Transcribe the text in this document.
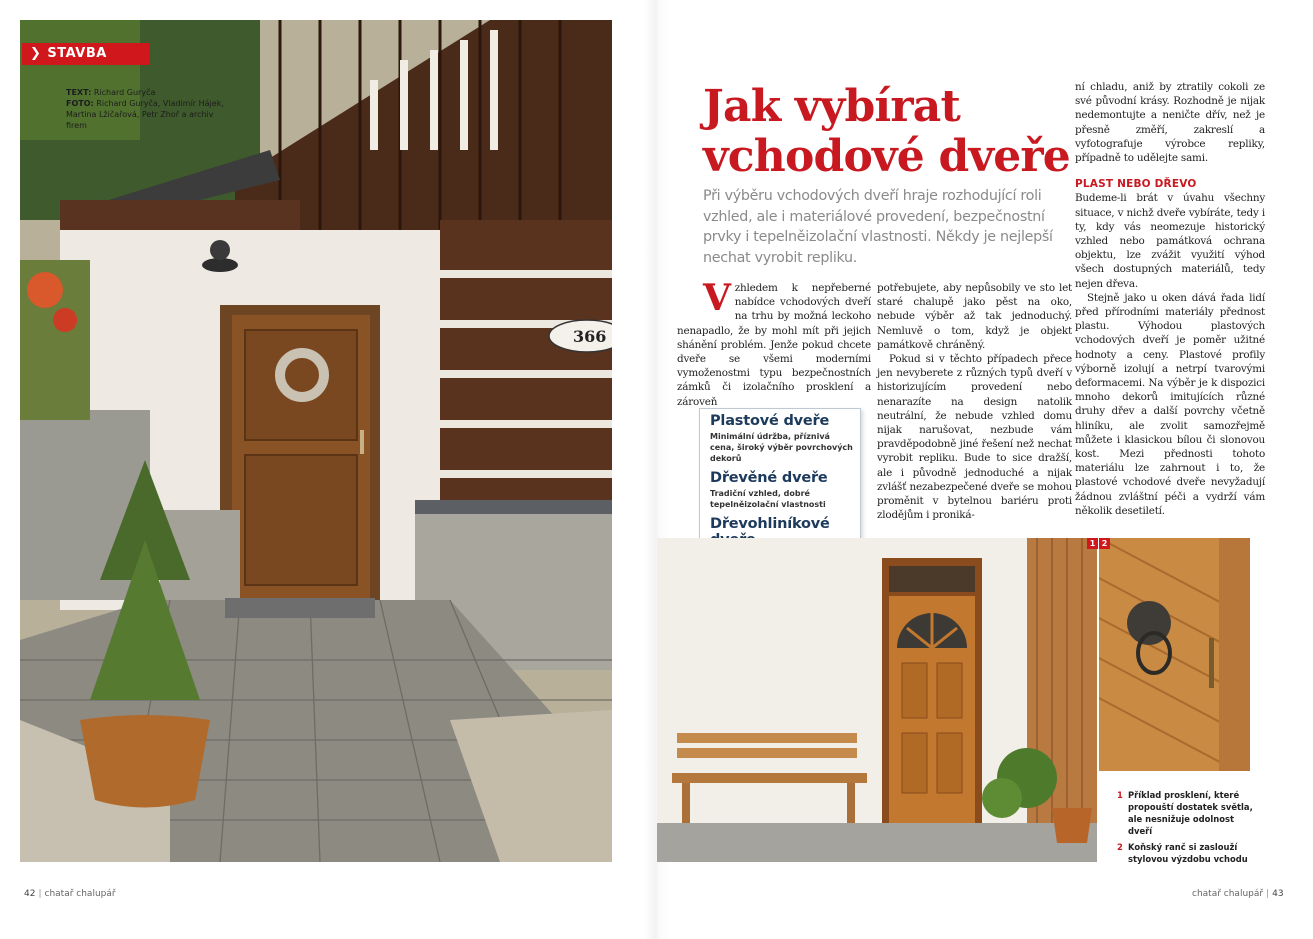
366
❯ STAVBA
TEXT: Richard Guryča
FOTO: Richard Guryča, Vladimír Hájek, Martina Lžičařová, Petr Zhoř a archiv firem
42 | chatař chalupář
Jak vybírat
vchodové dveře

Při výběru vchodových dveří hraje rozhodující roli vzhled, ale i materiálové provedení, bezpečnostní prvky i tepelněizolační vlastnosti. Někdy je nejlepší nechat vyrobit repliku.

Vzhledem k nepřeberné nabídce vchodových dveří na trhu by možná leckoho nenapadlo, že by mohl mít při jejich shánění problém. Jenže pokud chcete dveře se všemi moderními vymoženostmi typu bezpečnostních zámků či izolačního prosklení a zároveň

potřebujete, aby nepůsobily ve sto let staré chalupě jako pěst na oko, nebude výběr až tak jednoduchý. Nemluvě o tom, když je objekt památkově chráněný.

Pokud si v těchto případech přece jen nevyberete z různých typů dveří v historizujícím provedení nebo nenarazíte na design natolik neutrální, že nebude vzhled domu nijak narušovat, nezbude vám pravděpodobně jiné řešení než nechat vyrobit repliku. Bude to sice dražší, ale i původně jednoduché a nijak zvlášť nezabezpečené dveře se mohou proměnit v bytelnou bariéru proti zlodějům i proniká-

ní chladu, aniž by ztratily cokoli ze své původní krásy. Rozhodně je nijak nedemontujte a neničte dřív, než je přesně změří, zakreslí a vyfotografuje výrobce repliky, případně to udělejte sami.

PLAST NEBO DŘEVO

Budeme-li brát v úvahu všechny situace, v nichž dveře vybíráte, tedy i ty, kdy vás neomezuje historický vzhled nebo památková ochrana objektu, lze zvážit využití výhod všech dostupných materiálů, tedy nejen dřeva.

Stejně jako u oken dává řada lidí před přírodními materiály přednost plastu. Výhodou plastových vchodových dveří je poměr užitné hodnoty a ceny. Plastové profily výborně izolují a netrpí tvarovými deformacemi. Na výběr je k dispozici mnoho dekorů imitujících různé druhy dřev a další povrchy včetně hliníku, ale zvolit samozřejmě můžete i klasickou bílou či slonovou kost. Mezi přednosti tohoto materiálu lze zahrnout i to, že plastové vchodové dveře nevyžadují žádnou zvláštní péči a vydrží vám několik desetiletí.

Plastové dveře
Minimální údržba, příznivá cena, široký výběr povrchových dekorů
Dřevěné dveře
Tradiční vzhled, dobré tepelněizolační vlastnosti
Dřevohliníkové
1 2
1 Příklad prosklení, které propouští dostatek světla, ale nesnižuje odolnost dveří
2 Koňský ranč si zaslouží stylovou výzdobu vchodu
chatař chalupář | 43
